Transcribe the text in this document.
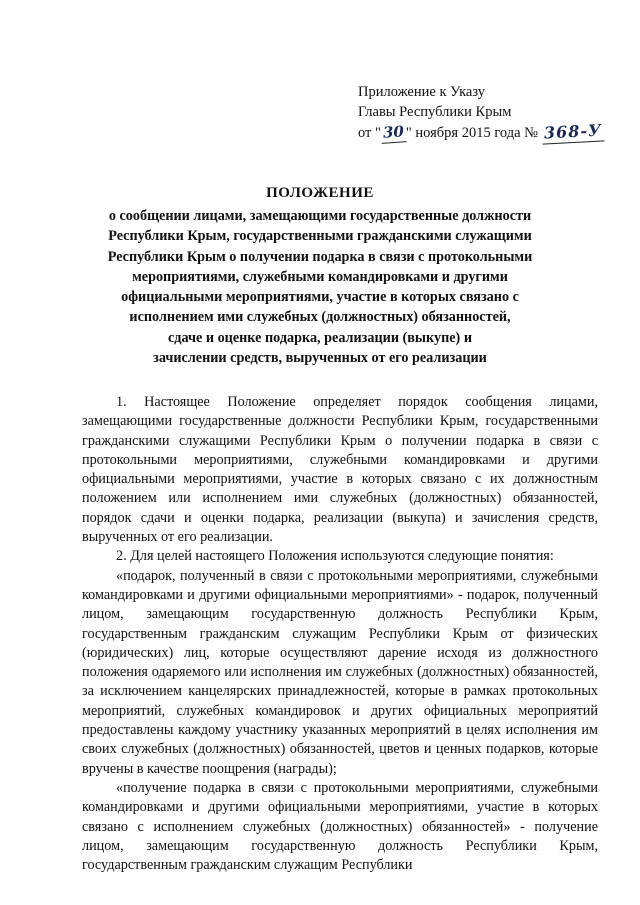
Приложение к Указу
Главы Республики Крым
от "30" ноября 2015 года № 368-У
ПОЛОЖЕНИЕ
о сообщении лицами, замещающими государственные должности
Республики Крым, государственными гражданскими служащими
Республики Крым о получении подарка в связи с протокольными
мероприятиями, служебными командировками и другими
официальными мероприятиями, участие в которых связано с
исполнением ими служебных (должностных) обязанностей,
сдаче и оценке подарка, реализации (выкупе) и
зачислении средств, вырученных от его реализации

1. Настоящее Положение определяет порядок сообщения лицами, замещающими государственные должности Республики Крым, государственными гражданскими служащими Республики Крым о получении подарка в связи с протокольными мероприятиями, служебными командировками и другими официальными мероприятиями, участие в которых связано с их должностным положением или исполнением ими служебных (должностных) обязанностей, порядок сдачи и оценки подарка, реализации (выкупа) и зачисления средств, вырученных от его реализации.

2. Для целей настоящего Положения используются следующие понятия:

«подарок, полученный в связи с протокольными мероприятиями, служебными командировками и другими официальными мероприятиями» - подарок, полученный лицом, замещающим государственную должность Республики Крым, государственным гражданским служащим Республики Крым от физических (юридических) лиц, которые осуществляют дарение исходя из должностного положения одаряемого или исполнения им служебных (должностных) обязанностей, за исключением канцелярских принадлежностей, которые в рамках протокольных мероприятий, служебных командировок и других официальных мероприятий предоставлены каждому участнику указанных мероприятий в целях исполнения им своих служебных (должностных) обязанностей, цветов и ценных подарков, которые вручены в качестве поощрения (награды);

«получение подарка в связи с протокольными мероприятиями, служебными командировками и другими официальными мероприятиями, участие в которых связано с исполнением служебных (должностных) обязанностей» - получение лицом, замещающим государственную должность Республики Крым, государственным гражданским служащим Республики
